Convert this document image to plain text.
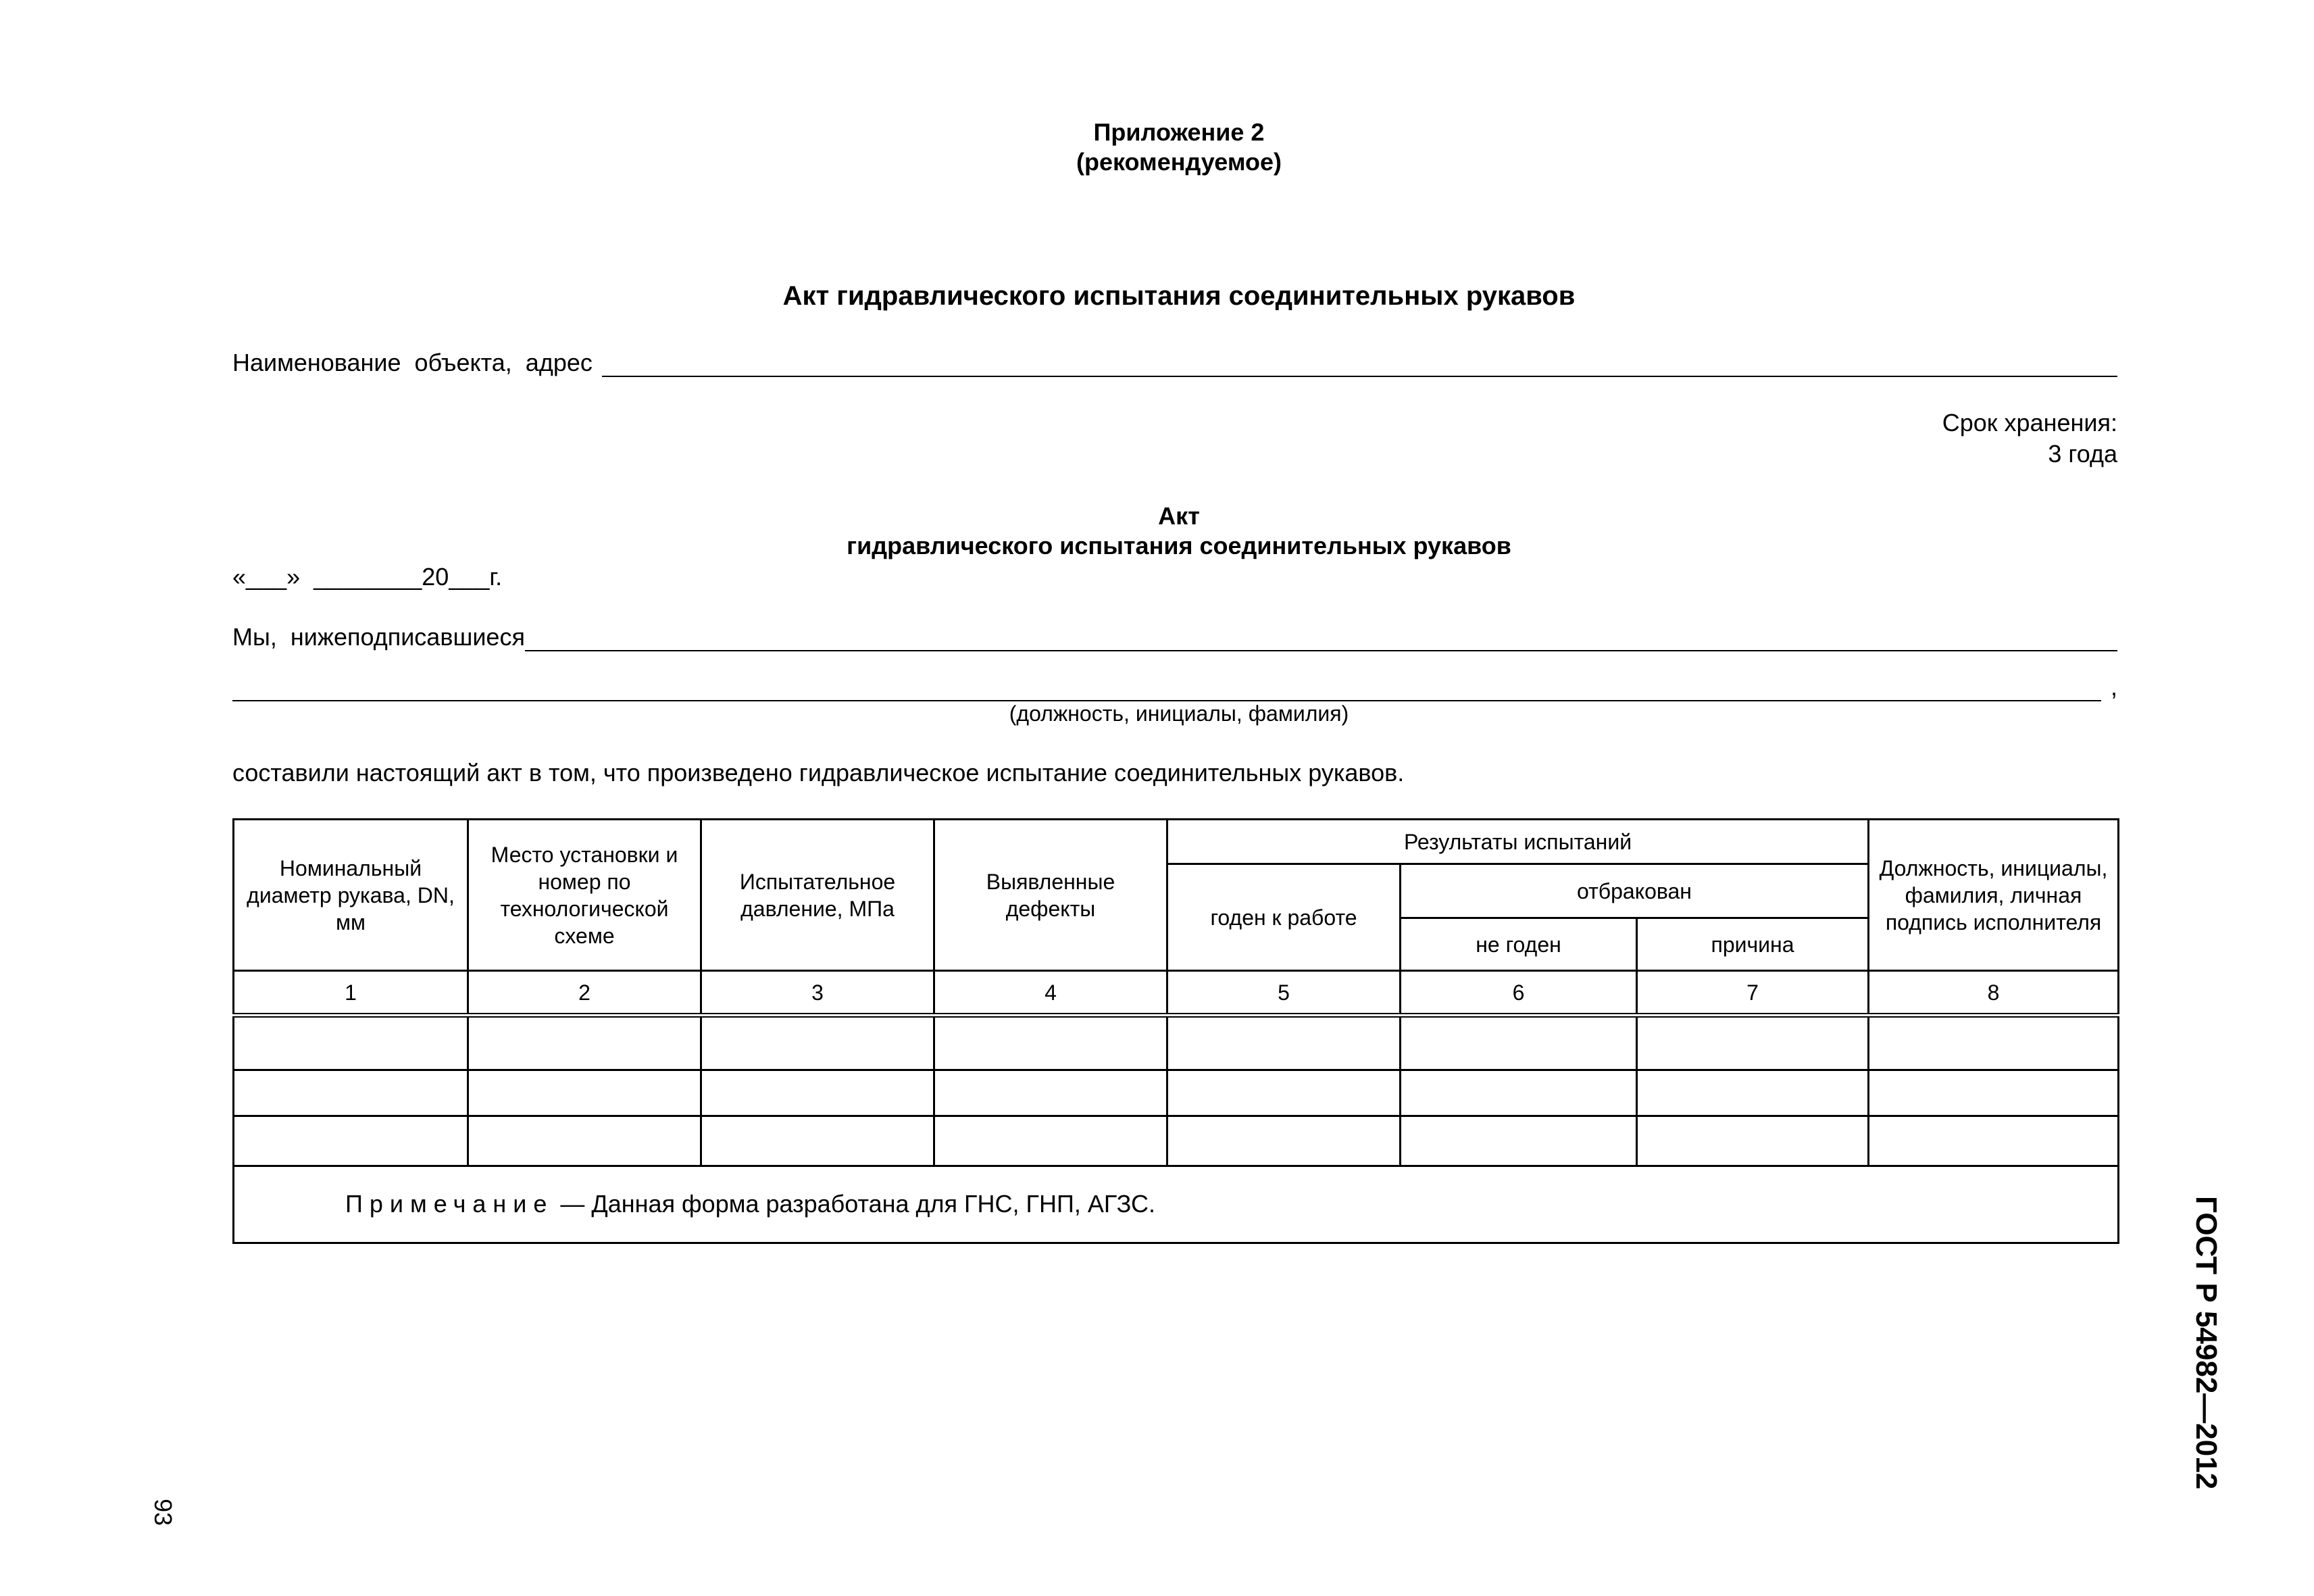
Приложение 2
(рекомендуемое)
Акт гидравлического испытания соединительных рукавов
Наименование  объекта,  адрес
Срок хранения:
3 года
Акт
гидравлического испытания соединительных рукавов
«___»  ________20___г.
Мы,  нижеподписавшиеся
,
(должность, инициалы, фамилия)
составили настоящий акт в том, что произведено гидравлическое испытание соединительных рукавов.
Номинальный диаметр рукава, DN, мм	Место установки и номер по технологической схеме	Испытательное давление, МПа	Выявленные дефекты	Результаты испытаний			Должность, инициалы, фамилия, личная подпись исполнителя
				годен к работе	отбракован		
					не годен	причина	
1	2	3	4	5	6	7	8

Примечание — Данная форма разработана для ГНС, ГНП, АГЗС.								ГОСТ Р 54982—2012
93
